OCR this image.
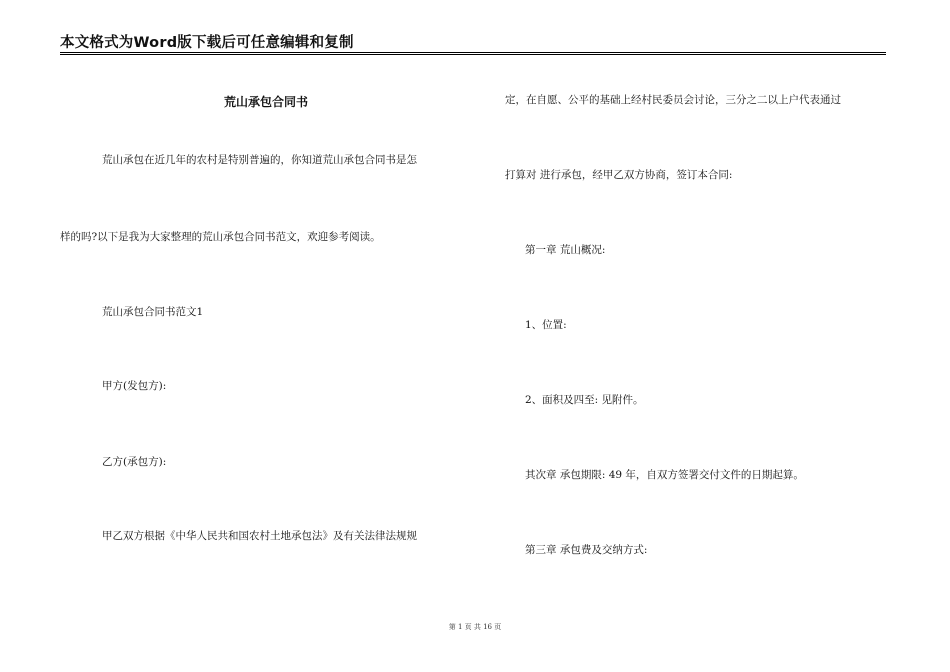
本文格式为Word版下载后可任意编辑和复制
荒山承包合同书
荒山承包在近几年的农村是特别普遍的，你知道荒山承包合同书是怎
样的吗?以下是我为大家整理的荒山承包合同书范文，欢迎参考阅读。
荒山承包合同书范文1
甲方(发包方):
乙方(承包方):
甲乙双方根据《中华人民共和国农村土地承包法》及有关法律法规规
定，在自愿、公平的基础上经村民委员会讨论，三分之二以上户代表通过
打算对 进行承包，经甲乙双方协商，签订本合同:
第一章 荒山概况:
1、位置:
2、面积及四至: 见附件。
其次章 承包期限: 49 年，自双方签署交付文件的日期起算。
第三章 承包费及交纳方式:
第 1 页 共 16 页
